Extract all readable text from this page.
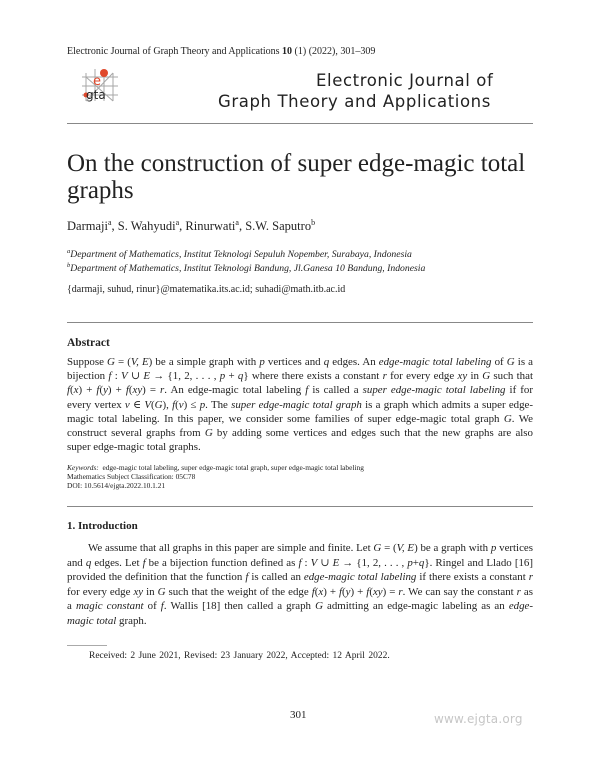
Electronic Journal of Graph Theory and Applications 10 (1) (2022), 301–309
e
gta
Electronic Journal of
Graph Theory and Applications
On the construction of super edge-magic total graphs
Darmaji$^a$, S. Wahyudi$^a$, Rinurwati$^a$, S.W. Saputro$^b$
$^a$Department of Mathematics, Institut Teknologi Sepuluh Nopember, Surabaya, Indonesia
$^b$Department of Mathematics, Institut Teknologi Bandung, Jl.Ganesa 10 Bandung, Indonesia
{darmaji, suhud, rinur}@matematika.its.ac.id; suhadi@math.itb.ac.id
Abstract
Suppose G = (V, E) be a simple graph with p vertices and q edges. An edge-magic total labeling of G is a bijection f : V ∪ E → {1, 2, . . . , p + q} where there exists a constant r for every edge xy in G such that f(x) + f(y) + f(xy) = r. An edge-magic total labeling f is called a super edge-magic total labeling if for every vertex v ∈ V(G), f(v) ≤ p. The super edge-magic total graph is a graph which admits a super edge-magic total labeling. In this paper, we consider some families of super edge-magic total graph G. We construct several graphs from G by adding some vertices and edges such that the new graphs are also super edge-magic total graphs.
Keywords: edge-magic total labeling, super edge-magic total graph, super edge-magic total labeling
Mathematics Subject Classification: 05C78
DOI: 10.5614/ejgta.2022.10.1.21
1. Introduction
We assume that all graphs in this paper are simple and finite. Let G = (V, E) be a graph with p vertices and q edges. Let f be a bijection function defined as f : V ∪ E → {1, 2, . . . , p+q}. Ringel and Llado [16] provided the definition that the function f is called an edge-magic total labeling if there exists a constant r for every edge xy in G such that the weight of the edge f(x) + f(y) + f(xy) = r. We can say the constant r as a magic constant of f. Wallis [18] then called a graph G admitting an edge-magic labeling as an edge-magic total graph.
Received: 2 June 2021, Revised: 23 January 2022, Accepted: 12 April 2022.
301	www.ejgta.org
